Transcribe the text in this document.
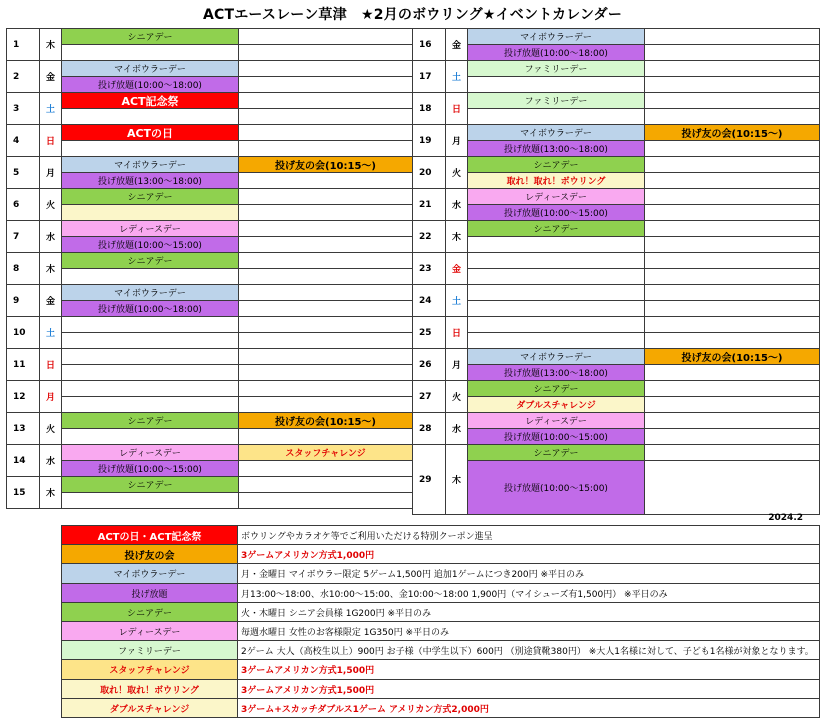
ACTエースレーン草津　★2月のボウリング★イベントカレンダー
1	木
シニアデー
2	金
マイボウラーデー
投げ放題(10:00～18:00)
3	土
ACT記念祭
4	日
ACTの日
5	月
マイボウラーデー	投げ友の会(10:15～)
投げ放題(13:00～18:00)
6	火
シニアデー
7	水
レディースデー
投げ放題(10:00～15:00)
8	木
シニアデー
9	金
マイボウラーデー
投げ放題(10:00～18:00)
10	土
11	日
12	月
13	火
シニアデー	投げ友の会(10:15～)
14	水
レディースデー	スタッフチャレンジ
投げ放題(10:00～15:00)
15	木
シニアデー
16	金
マイボウラーデー
投げ放題(10:00～18:00)
17	土
ファミリーデー
18	日
ファミリーデー
19	月
マイボウラーデー	投げ友の会(10:15～)
投げ放題(13:00～18:00)
20	火
シニアデー
取れ！取れ！ボウリング
21	水
レディースデー
投げ放題(10:00～15:00)
22	木
シニアデー
23	金
24	土
25	日
26	月
マイボウラーデー	投げ友の会(10:15～)
投げ放題(13:00～18:00)
27	火
シニアデー
ダブルスチャレンジ
28	水
レディースデー
投げ放題(10:00～15:00)
29	木
シニアデー
投げ放題(10:00～15:00)
2024.2
ACTの日・ACT記念祭	ボウリングやカラオケ等でご利用いただける特別クーポン進呈
投げ友の会	3ゲームアメリカン方式1,000円
マイボウラーデー	月・金曜日 マイボウラー限定 5ゲーム1,500円 追加1ゲームにつき200円 ※平日のみ
投げ放題	月13:00～18:00、水10:00～15:00、金10:00～18:00 1,900円（マイシューズ有1,500円） ※平日のみ
シニアデー	火・木曜日 シニア会員様 1G200円 ※平日のみ
レディースデー	毎週水曜日 女性のお客様限定 1G350円 ※平日のみ
ファミリーデー	2ゲーム 大人（高校生以上）900円 お子様（中学生以下）600円 （別途貸靴380円） ※大人1名様に対して、子ども1名様が対象となります。
スタッフチャレンジ	3ゲームアメリカン方式1,500円
取れ！取れ！ボウリング	3ゲームアメリカン方式1,500円
ダブルスチャレンジ	3ゲーム+スカッチダブルス1ゲーム アメリカン方式2,000円
